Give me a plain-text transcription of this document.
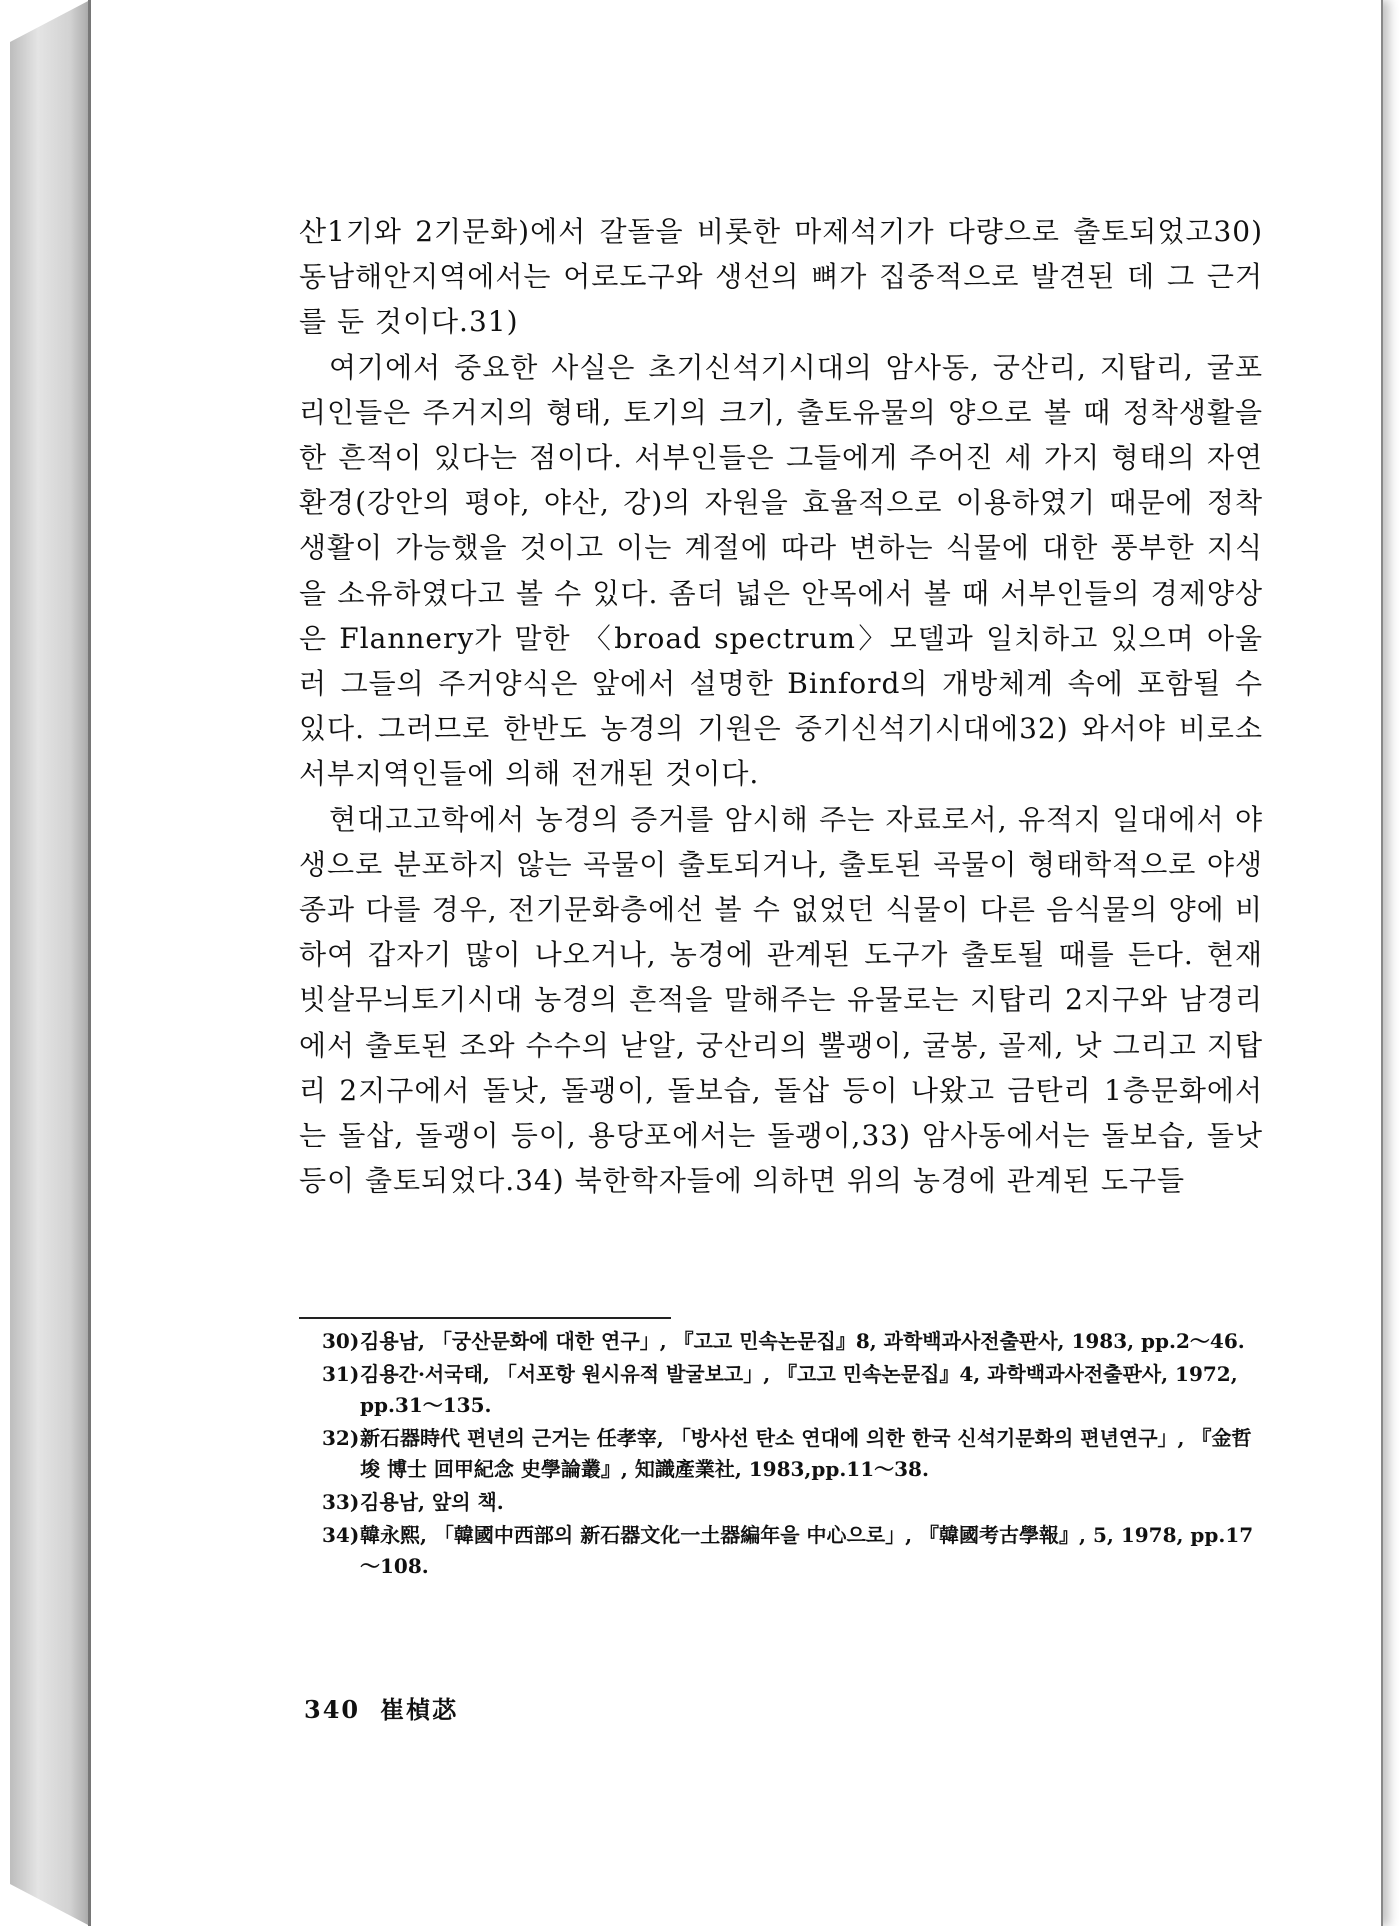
산1기와 2기문화)에서 갈돌을 비롯한 마제석기가 다량으로 출토되었고30) 동남해안지역에서는 어로도구와 생선의 뼈가 집중적으로 발견된 데 그 근거를 둔 것이다.31)

여기에서 중요한 사실은 초기신석기시대의 암사동, 궁산리, 지탑리, 굴포리인들은 주거지의 형태, 토기의 크기, 출토유물의 양으로 볼 때 정착생활을 한 흔적이 있다는 점이다. 서부인들은 그들에게 주어진 세 가지 형태의 자연환경(강안의 평야, 야산, 강)의 자원을 효율적으로 이용하였기 때문에 정착생활이 가능했을 것이고 이는 계절에 따라 변하는 식물에 대한 풍부한 지식을 소유하였다고 볼 수 있다. 좀더 넓은 안목에서 볼 때 서부인들의 경제양상은 Flannery가 말한 〈broad spectrum〉모델과 일치하고 있으며 아울러 그들의 주거양식은 앞에서 설명한 Binford의 개방체계 속에 포함될 수 있다. 그러므로 한반도 농경의 기원은 중기신석기시대에32) 와서야 비로소 서부지역인들에 의해 전개된 것이다.

현대고고학에서 농경의 증거를 암시해 주는 자료로서, 유적지 일대에서 야생으로 분포하지 않는 곡물이 출토되거나, 출토된 곡물이 형태학적으로 야생종과 다를 경우, 전기문화층에선 볼 수 없었던 식물이 다른 음식물의 양에 비하여 갑자기 많이 나오거나, 농경에 관계된 도구가 출토될 때를 든다. 현재 빗살무늬토기시대 농경의 흔적을 말해주는 유물로는 지탑리 2지구와 남경리에서 출토된 조와 수수의 낟알, 궁산리의 뿔괭이, 굴봉, 골제, 낫 그리고 지탑리 2지구에서 돌낫, 돌괭이, 돌보습, 돌삽 등이 나왔고 금탄리 1층문화에서는 돌삽, 돌괭이 등이, 용당포에서는 돌괭이,33) 암사동에서는 돌보습, 돌낫 등이 출토되었다.34) 북한학자들에 의하면 위의 농경에 관계된 도구들

30) 김용남, 「궁산문화에 대한 연구」, 『고고 민속논문집』8, 과학백과사전출판사, 1983, pp.2～46.
31) 김용간·서국태, 「서포항 원시유적 발굴보고」, 『고고 민속논문집』4, 과학백과사전출판사, 1972, pp.31～135.
32) 新石器時代 편년의 근거는 任孝宰, 「방사선 탄소 연대에 의한 한국 신석기문화의 편년연구」, 『金哲埈 博士 回甲紀念 史學論叢』, 知識產業社, 1983,pp.11～38.
33) 김용남, 앞의 책.
34) 韓永熙, 「韓國中西部의 新石器文化一土器編年을 中心으로」, 『韓國考古學報』, 5, 1978, pp.17～108.
340 崔楨苾
